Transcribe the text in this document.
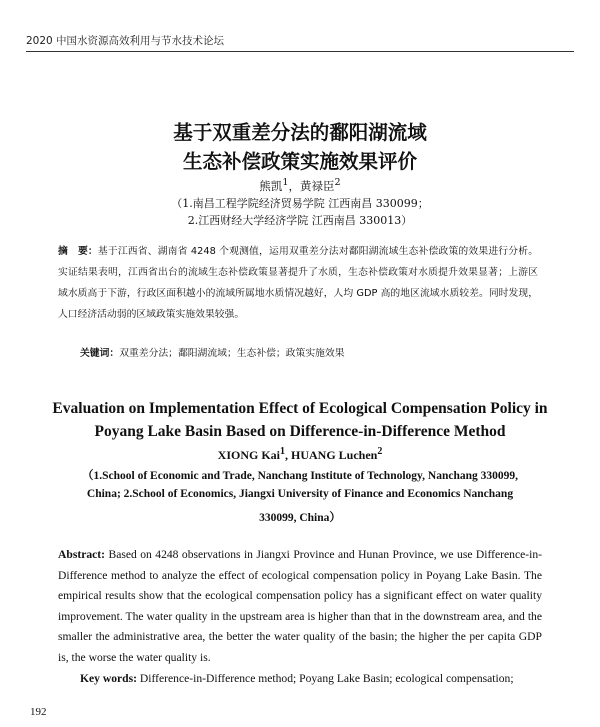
2020 中国水资源高效利用与节水技术论坛
基于双重差分法的鄱阳湖流域
生态补偿政策实施效果评价
熊凯$^1$，黄禄臣$^2$
（1.南昌工程学院经济贸易学院 江西南昌 330099；
2.江西财经大学经济学院 江西南昌 330013）

摘　要：基于江西省、湖南省 4248 个观测值，运用双重差分法对鄱阳湖流域生态补偿政策的效果进行分析。实证结果表明，江西省出台的流域生态补偿政策显著提升了水质，生态补偿政策对水质提升效果显著；上游区域水质高于下游，行政区面积越小的流域所属地水质情况越好，人均 GDP 高的地区流域水质较差。同时发现，人口经济活动弱的区域政策实施效果较强。

关键词：双重差分法；鄱阳湖流域；生态补偿；政策实施效果
Evaluation on Implementation Effect of Ecological Compensation Policy in
Poyang Lake Basin Based on Difference-in-Difference Method
XIONG Kai$^1$, HUANG Luchen$^2$
（1.School of Economic and Trade, Nanchang Institute of Technology, Nanchang 330099,
China; 2.School of Economics, Jiangxi University of Finance and Economics Nanchang
330099, China）

Abstract: Based on 4248 observations in Jiangxi Province and Hunan Province, we use Difference-in-Difference method to analyze the effect of ecological compensation policy in Poyang Lake Basin. The empirical results show that the ecological compensation policy has a significant effect on water quality improvement. The water quality in the upstream area is higher than that in the downstream area, and the smaller the administrative area, the better the water quality of the basin; the higher the per capita GDP is, the worse the water quality is.

Key words: Difference-in-Difference method; Poyang Lake Basin; ecological compensation;
192
